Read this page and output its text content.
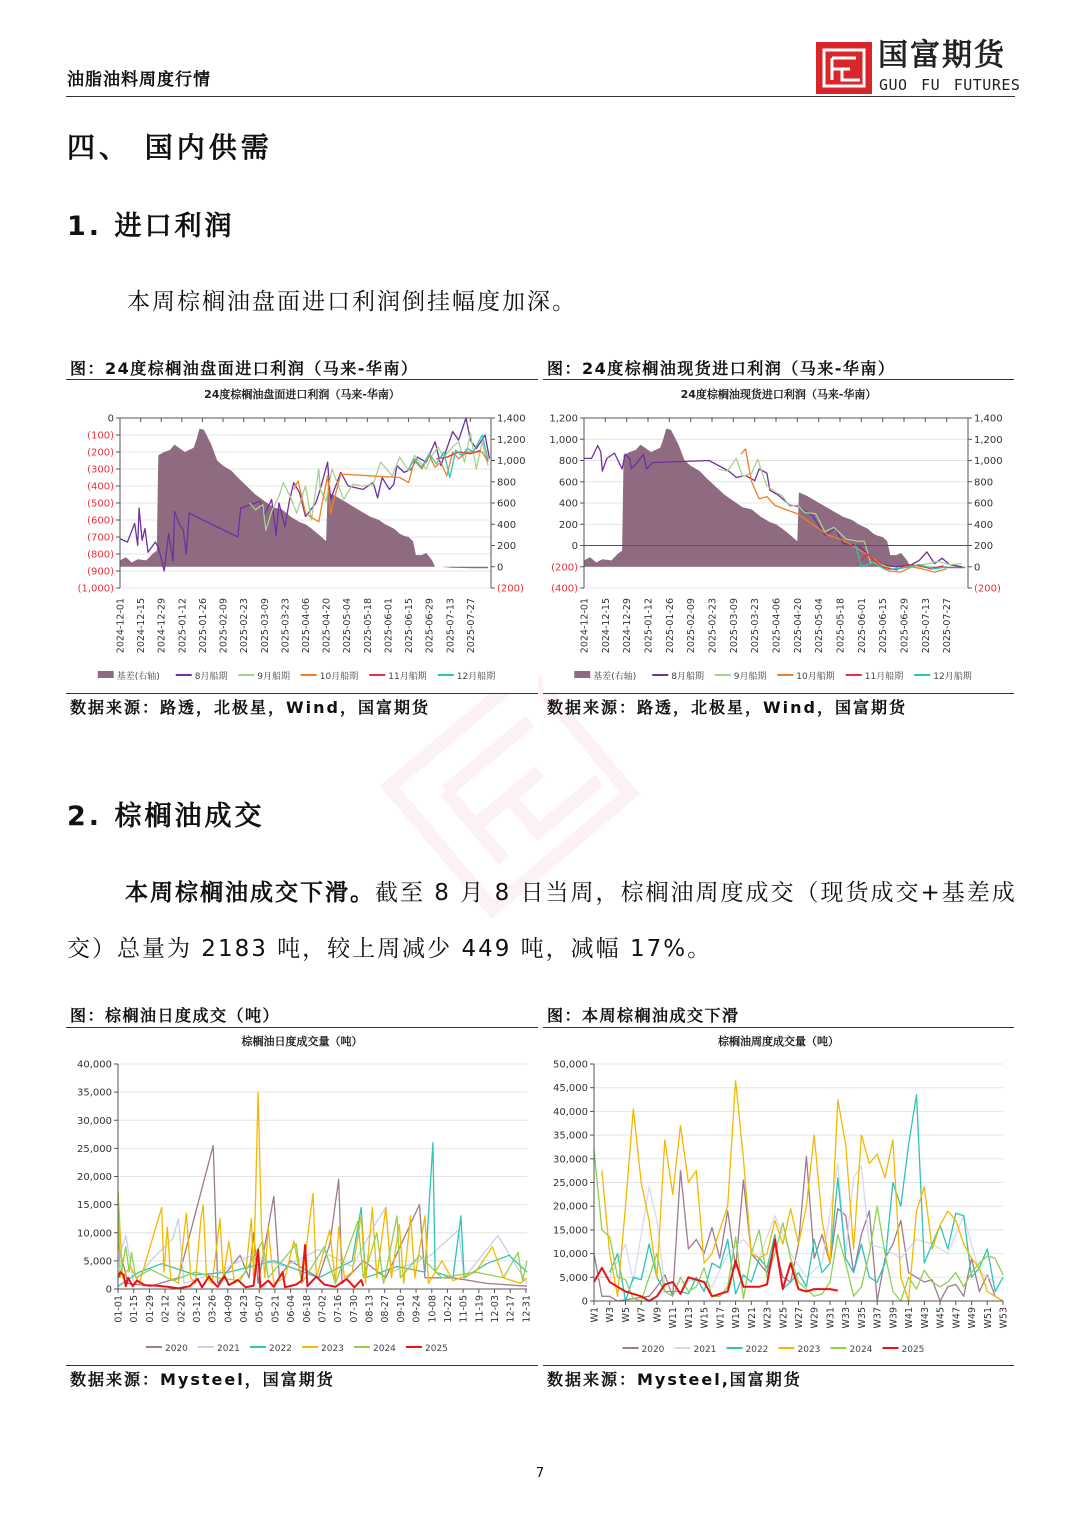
油脂油料周度行情
国富期货
GUO FU FUTURES
四、 国内供需
1. 进口利润
本周棕榈油盘面进口利润倒挂幅度加深。
图：24度棕榈油盘面进口利润（马来-华南）
24度棕榈油盘面进口利润（马来-华南）
0
(100)
(200)
(300)
(400)
(500)
(600)
(700)
(800)
(900)
(1,000)
1,400
1,200
1,000
800
600
400
200
0
(200)
2024-12-01 2024-12-15 2024-12-29 2025-01-12 2025-01-26 2025-02-09 2025-02-23 2025-03-09 2025-03-23 2025-04-06 2025-04-20 2025-05-04 2025-05-18 2025-06-01 2025-06-15 2025-06-29 2025-07-13 2025-07-27
基差(右轴)	8月船期	9月船期	10月船期	11月船期	12月船期
数据来源：路透，北极星，Wind，国富期货
图：24度棕榈油现货进口利润（马来-华南）
24度棕榈油现货进口利润（马来-华南）
1,200
1,000
800
600
400
200
0
(200)
(400)
1,400
1,200
1,000
800
600
400
200
0
(200)
2024-12-01 2024-12-15 2024-12-29 2025-01-12 2025-01-26 2025-02-09 2025-02-23 2025-03-09 2025-03-23 2025-04-06 2025-04-20 2025-05-04 2025-05-18 2025-06-01 2025-06-15 2025-06-29 2025-07-13 2025-07-27
基差(右轴)	8月船期	9月船期	10月船期	11月船期	12月船期
数据来源：路透，北极星，Wind，国富期货
2. 棕榈油成交
本周棕榈油成交下滑。截至 8 月 8 日当周，棕榈油周度成交（现货成交+基差成交）总量为 2183 吨，较上周减少 449 吨，减幅 17%。
图：棕榈油日度成交（吨）
棕榈油日度成交量（吨）
0
5,000
10,000
15,000
20,000
25,000
30,000
35,000
40,000
01-01 01-15 01-29 02-12 02-26 03-12 03-26 04-09 04-23 05-07 05-21 06-04 06-18 07-02 07-16 07-30 08-13 08-27 09-10 09-24 10-08 10-22 11-05 11-19 12-03 12-17 12-31
2020	2021	2022	2023	2024	2025
数据来源：Mysteel，国富期货
图：本周棕榈油成交下滑
棕榈油周度成交量（吨）
0
5,000
10,000
15,000
20,000
25,000
30,000
35,000
40,000
45,000
50,000
W1 W3 W5 W7 W9 W11 W13 W15 W17 W19 W21 W23 W25 W27 W29 W31 W33 W35 W37 W39 W41 W43 W45 W47 W49 W51 W53
2020	2021	2022	2023	2024	2025
数据来源：Mysteel,国富期货
7
